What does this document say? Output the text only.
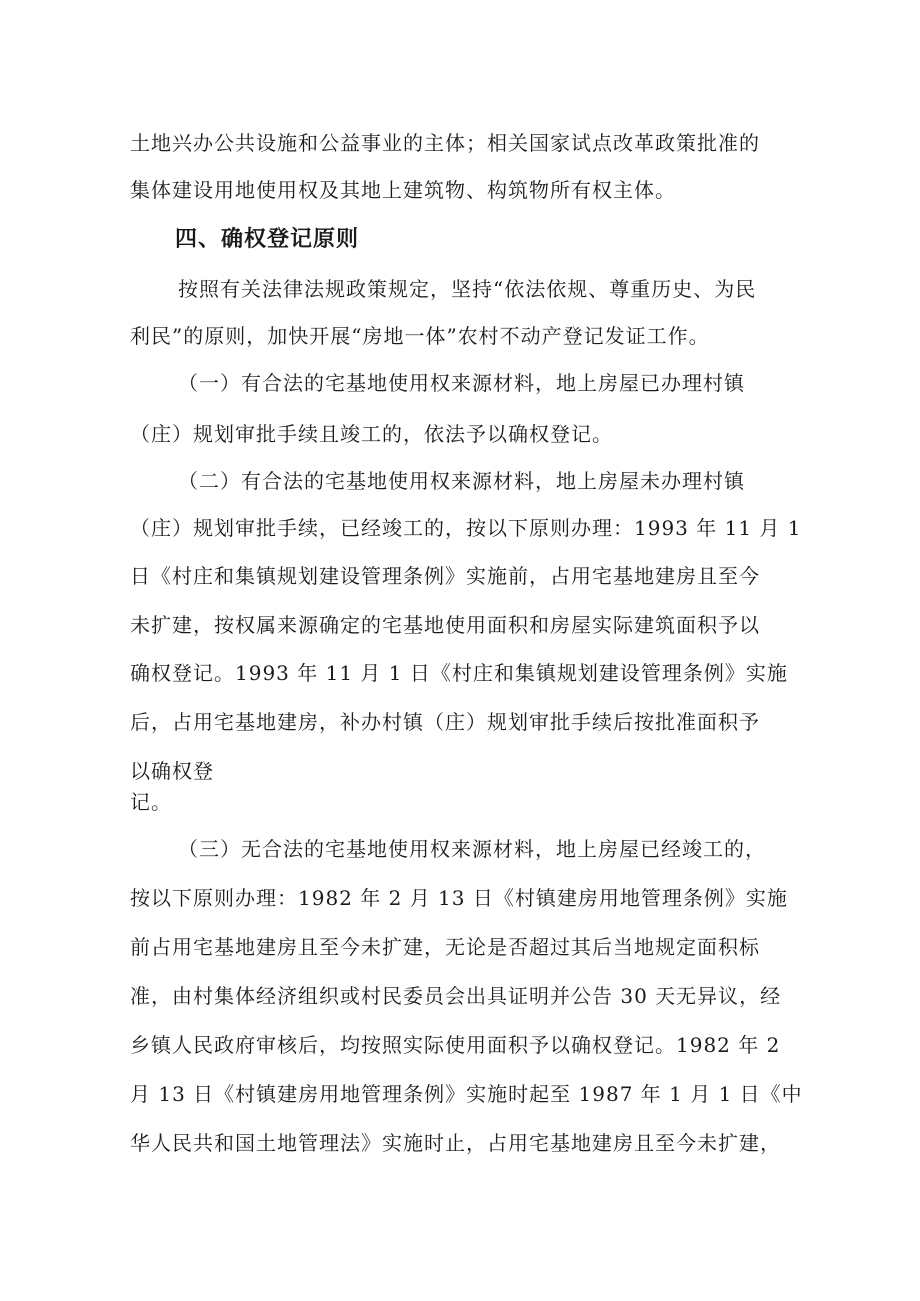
土地兴办公共设施和公益事业的主体；相关国家试点改革政策批准的
集体建设用地使用权及其地上建筑物、构筑物所有权主体。
四、确权登记原则
按照有关法律法规政策规定，坚持“依法依规、尊重历史、为民
利民”的原则，加快开展“房地一体”农村不动产登记发证工作。
（一）有合法的宅基地使用权来源材料，地上房屋已办理村镇
（庄）规划审批手续且竣工的，依法予以确权登记。
（二）有合法的宅基地使用权来源材料，地上房屋未办理村镇
（庄）规划审批手续，已经竣工的，按以下原则办理：1993 年 11 月 1
日《村庄和集镇规划建设管理条例》实施前，占用宅基地建房且至今
未扩建，按权属来源确定的宅基地使用面积和房屋实际建筑面积予以
确权登记。1993 年 11 月 1 日《村庄和集镇规划建设管理条例》实施
后，占用宅基地建房，补办村镇（庄）规划审批手续后按批准面积予
以确权登
记。
（三）无合法的宅基地使用权来源材料，地上房屋已经竣工的，
按以下原则办理：1982 年 2 月 13 日《村镇建房用地管理条例》实施
前占用宅基地建房且至今未扩建，无论是否超过其后当地规定面积标
准，由村集体经济组织或村民委员会出具证明并公告 30 天无异议，经
乡镇人民政府审核后，均按照实际使用面积予以确权登记。1982 年 2
月 13 日《村镇建房用地管理条例》实施时起至 1987 年 1 月 1 日《中
华人民共和国土地管理法》实施时止，占用宅基地建房且至今未扩建，
